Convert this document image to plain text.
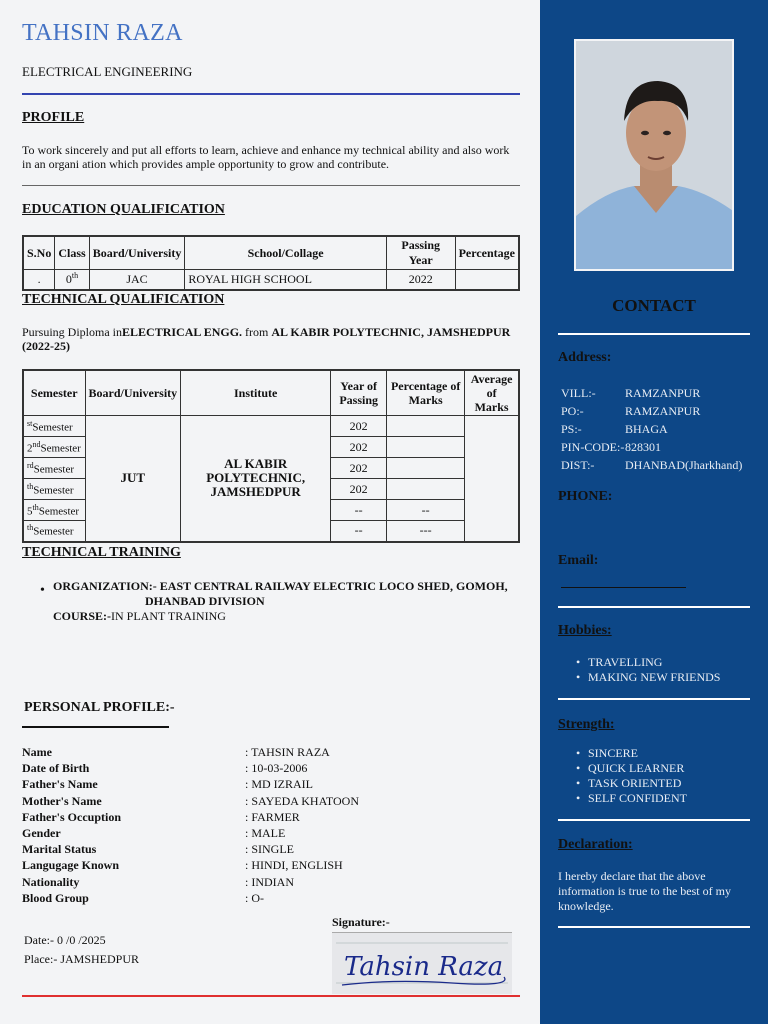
TAHSIN RAZA
ELECTRICAL ENGINEERING
PROFILE
To work sincerely and put all efforts to learn, achieve and enhance my technical ability and also work in an organi ation which provides ample opportunity to grow and contribute.
EDUCATION QUALIFICATION
S.No	Class	Board/University	School/Collage	Passing Year	Percentage
.	0th	JAC	ROYAL HIGH SCHOOL	2022	
TECHNICAL QUALIFICATION
Pursuing Diploma inELECTRICAL ENGG. from AL KABIR POLYTECHNIC, JAMSHEDPUR
(2022-25)
Semester	Board/University	Institute	Year of Passing	Percentage of Marks	Average of Marks
$^{st}$Semester	JUT	AL KABIR POLYTECHNIC, JAMSHEDPUR	202		
2ndSemester			202		
$^{rd}$Semester			202		
$^{th}$Semester			202		
5thSemester			--	--	
$^{th}$Semester			--	---	
TECHNICAL TRAINING
• ORGANIZATION:- EAST CENTRAL RAILWAY ELECTRIC LOCO SHED, GOMOH,
DHANBAD DIVISION
COURSE:-IN PLANT TRAINING
PERSONAL PROFILE:-
Name	: TAHSIN RAZA
Date of Birth	: 10-03-2006
Father's Name	: MD IZRAIL
Mother's Name	: SAYEDA KHATOON
Father's Occuption	: FARMER
Gender	: MALE
Marital Status	: SINGLE
Langugage Known	: HINDI, ENGLISH
Nationality	: INDIAN
Blood Group	: O-
Signature:-
Tahsin Raza
Date:- 0 /0 /2025
Place:- JAMSHEDPUR
CONTACT
Address:
VILL:- RAMZANPUR
PO:-	RAMZANPUR
PS:-	BHAGA
PIN-CODE:- 828301
DIST:-	DHANBAD(Jharkhand)
PHONE:
Email:
Hobbies:
• TRAVELLING
• MAKING NEW FRIENDS
Strength:
• SINCERE
• QUICK LEARNER
• TASK ORIENTED
• SELF CONFIDENT
Declaration:
I hereby declare that the above information is true to the best of my knowledge.
